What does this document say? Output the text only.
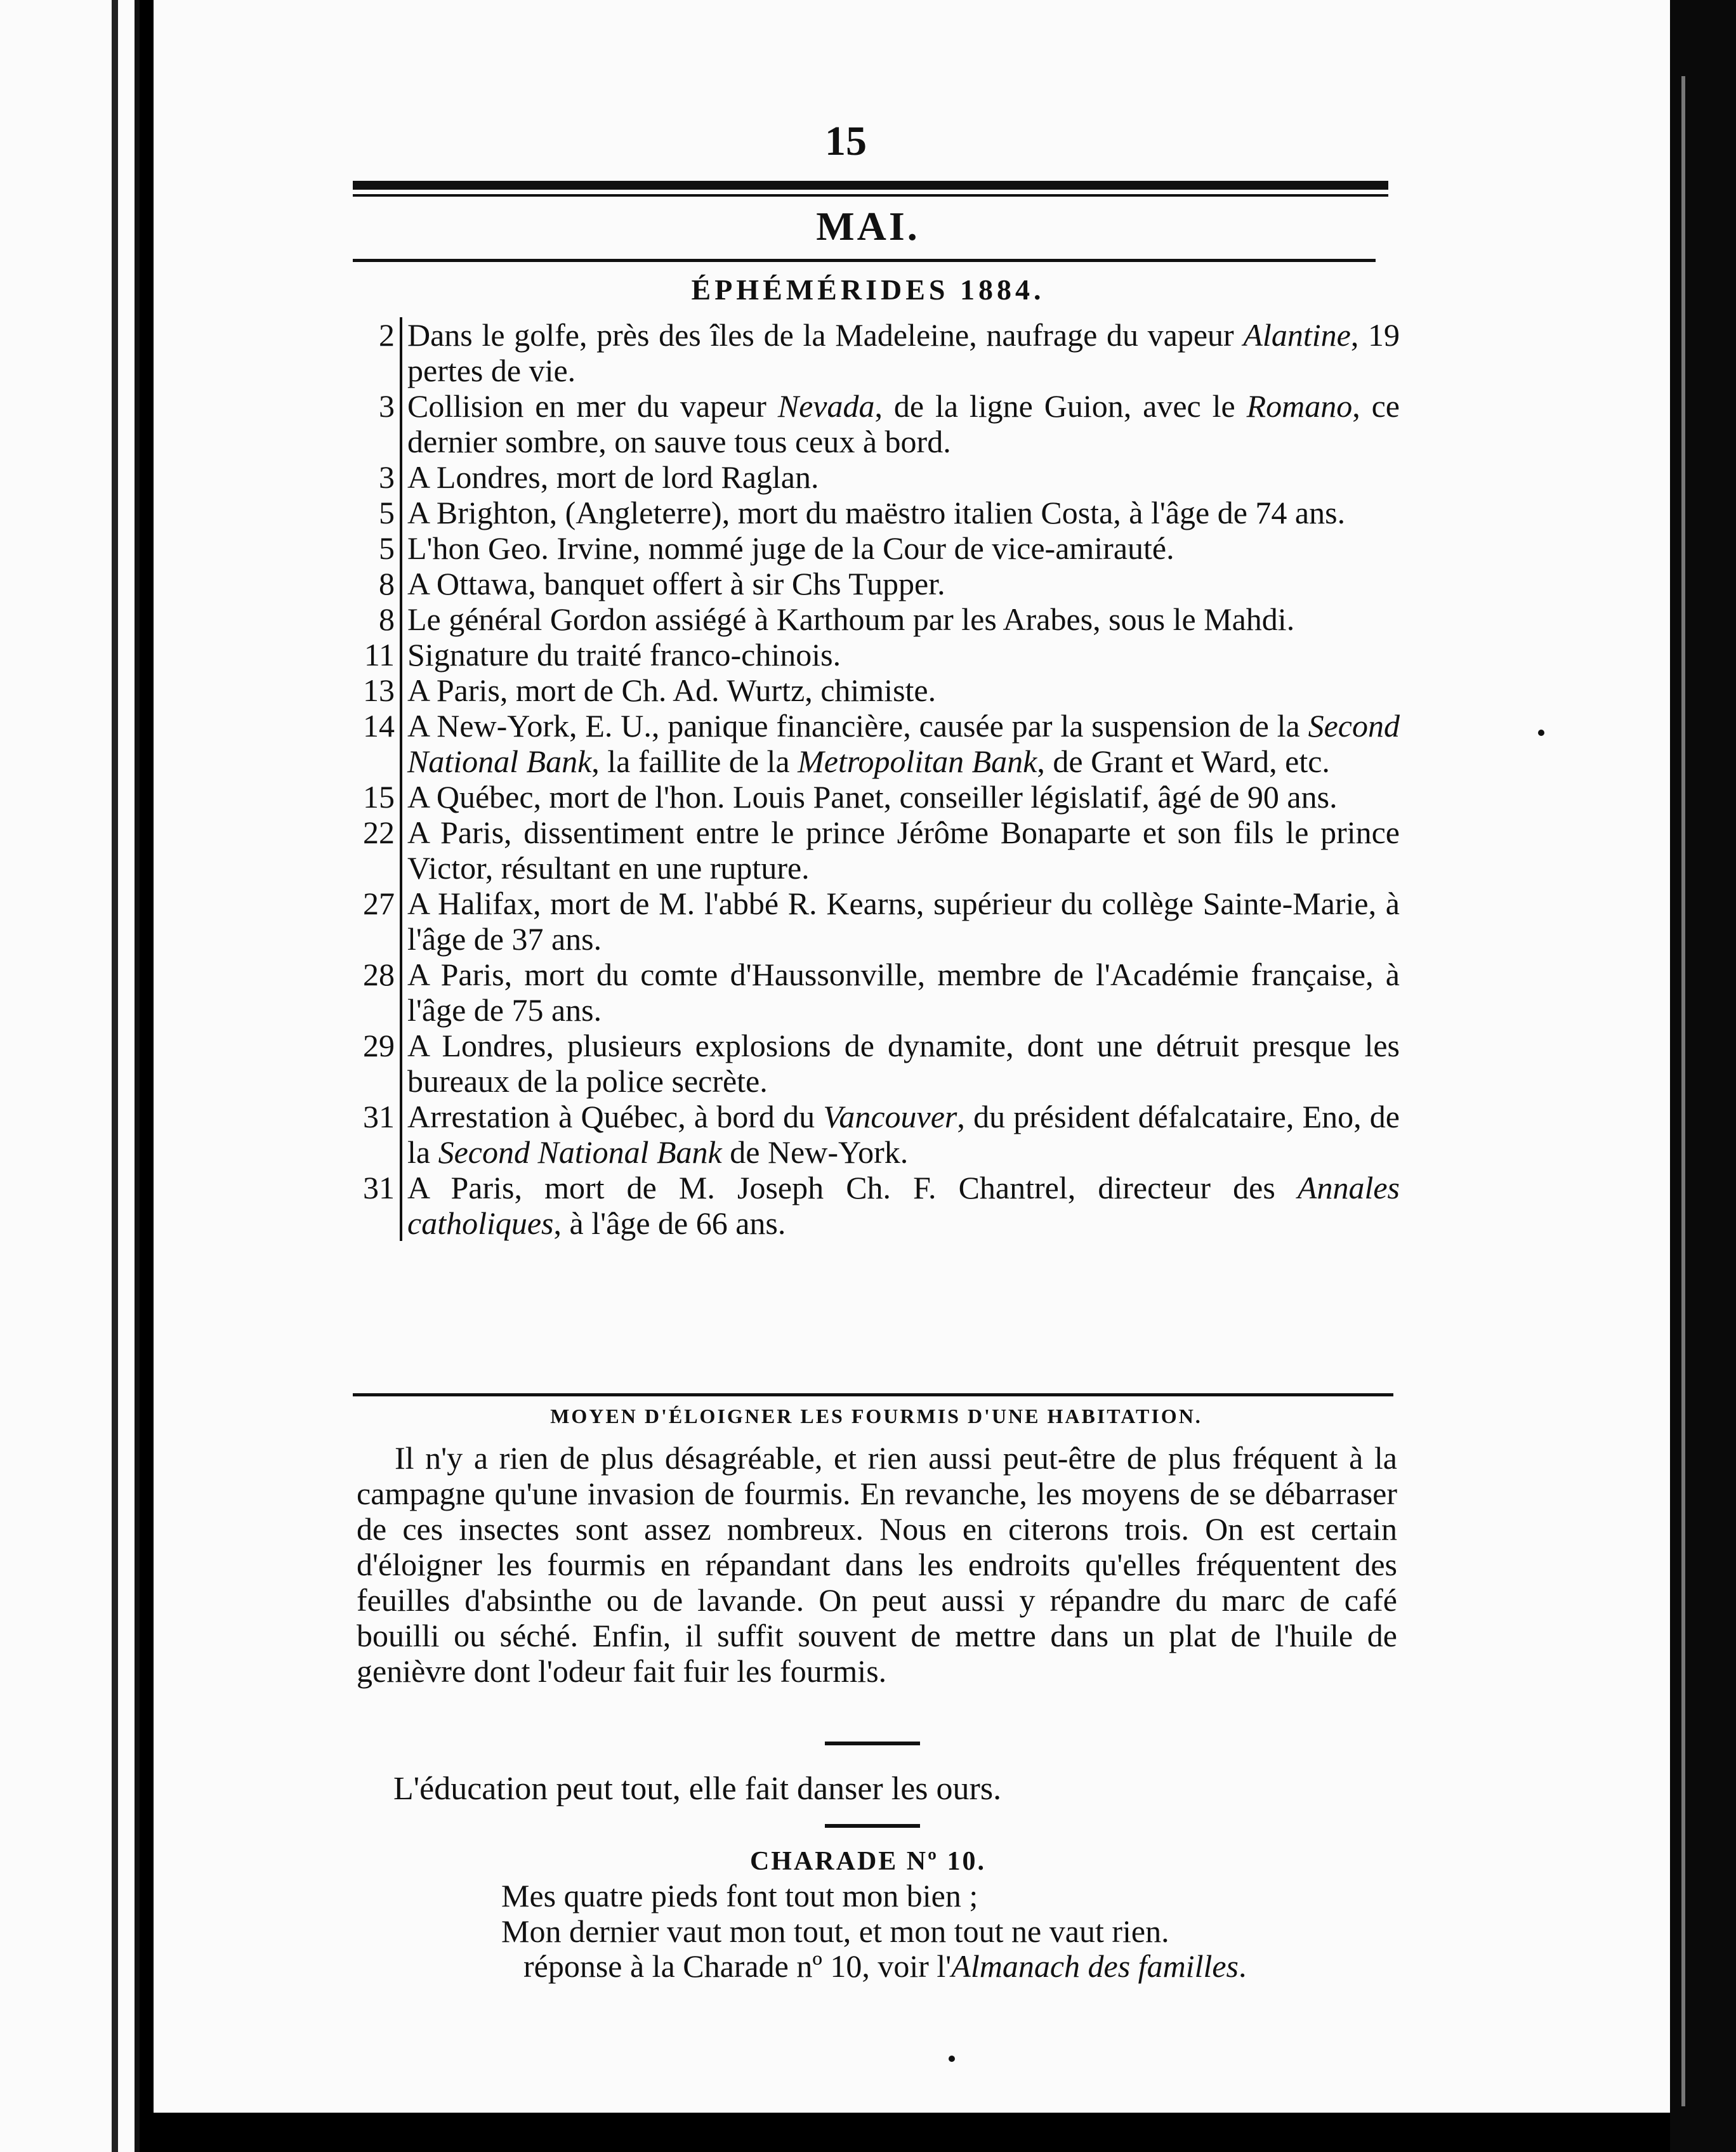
15
MAI.
ÉPHÉMÉRIDES 1884.
2 Dans le golfe, près des îles de la Madeleine, naufrage du vapeur Alantine, 19 pertes de vie.
3 Collision en mer du vapeur Nevada, de la ligne Guion, avec le Romano, ce dernier sombre, on sauve tous ceux à bord.
3 A Londres, mort de lord Raglan.
5 A Brighton, (Angleterre), mort du maëstro italien Costa, à l'âge de 74 ans.
5 L'hon Geo. Irvine, nommé juge de la Cour de vice-amirauté.
8 A Ottawa, banquet offert à sir Chs Tupper.
8 Le général Gordon assiégé à Karthoum par les Arabes, sous le Mahdi.
11 Signature du traité franco-chinois.
13 A Paris, mort de Ch. Ad. Wurtz, chimiste.
14 A New-York, E. U., panique financière, causée par la suspension de la Second National Bank, la faillite de la Metropolitan Bank, de Grant et Ward, etc.
15 A Québec, mort de l'hon. Louis Panet, conseiller législatif, âgé de 90 ans.
22 A Paris, dissentiment entre le prince Jérôme Bonaparte et son fils le prince Victor, résultant en une rupture.
27 A Halifax, mort de M. l'abbé R. Kearns, supérieur du collège Sainte-Marie, à l'âge de 37 ans.
28 A Paris, mort du comte d'Haussonville, membre de l'Académie française, à l'âge de 75 ans.
29 A Londres, plusieurs explosions de dynamite, dont une détruit presque les bureaux de la police secrète.
31 Arrestation à Québec, à bord du Vancouver, du président défalcataire, Eno, de la Second National Bank de New-York.
31 A Paris, mort de M. Joseph Ch. F. Chantrel, directeur des Annales catholiques, à l'âge de 66 ans.
MOYEN D'ÉLOIGNER LES FOURMIS D'UNE HABITATION.
Il n'y a rien de plus désagréable, et rien aussi peut-être de plus fréquent à la campagne qu'une invasion de fourmis. En revanche, les moyens de se débarraser de ces insectes sont assez nombreux. Nous en citerons trois. On est certain d'éloigner les fourmis en répandant dans les endroits qu'elles fréquentent des feuilles d'absinthe ou de lavande. On peut aussi y répandre du marc de café bouilli ou séché. Enfin, il suffit souvent de mettre dans un plat de l'huile de genièvre dont l'odeur fait fuir les fourmis.
L'éducation peut tout, elle fait danser les ours.
CHARADE Nº 10.
Mes quatre pieds font tout mon bien ;
Mon dernier vaut mon tout, et mon tout ne vaut rien.
réponse à la Charade nº 10, voir l'Almanach des familles.
